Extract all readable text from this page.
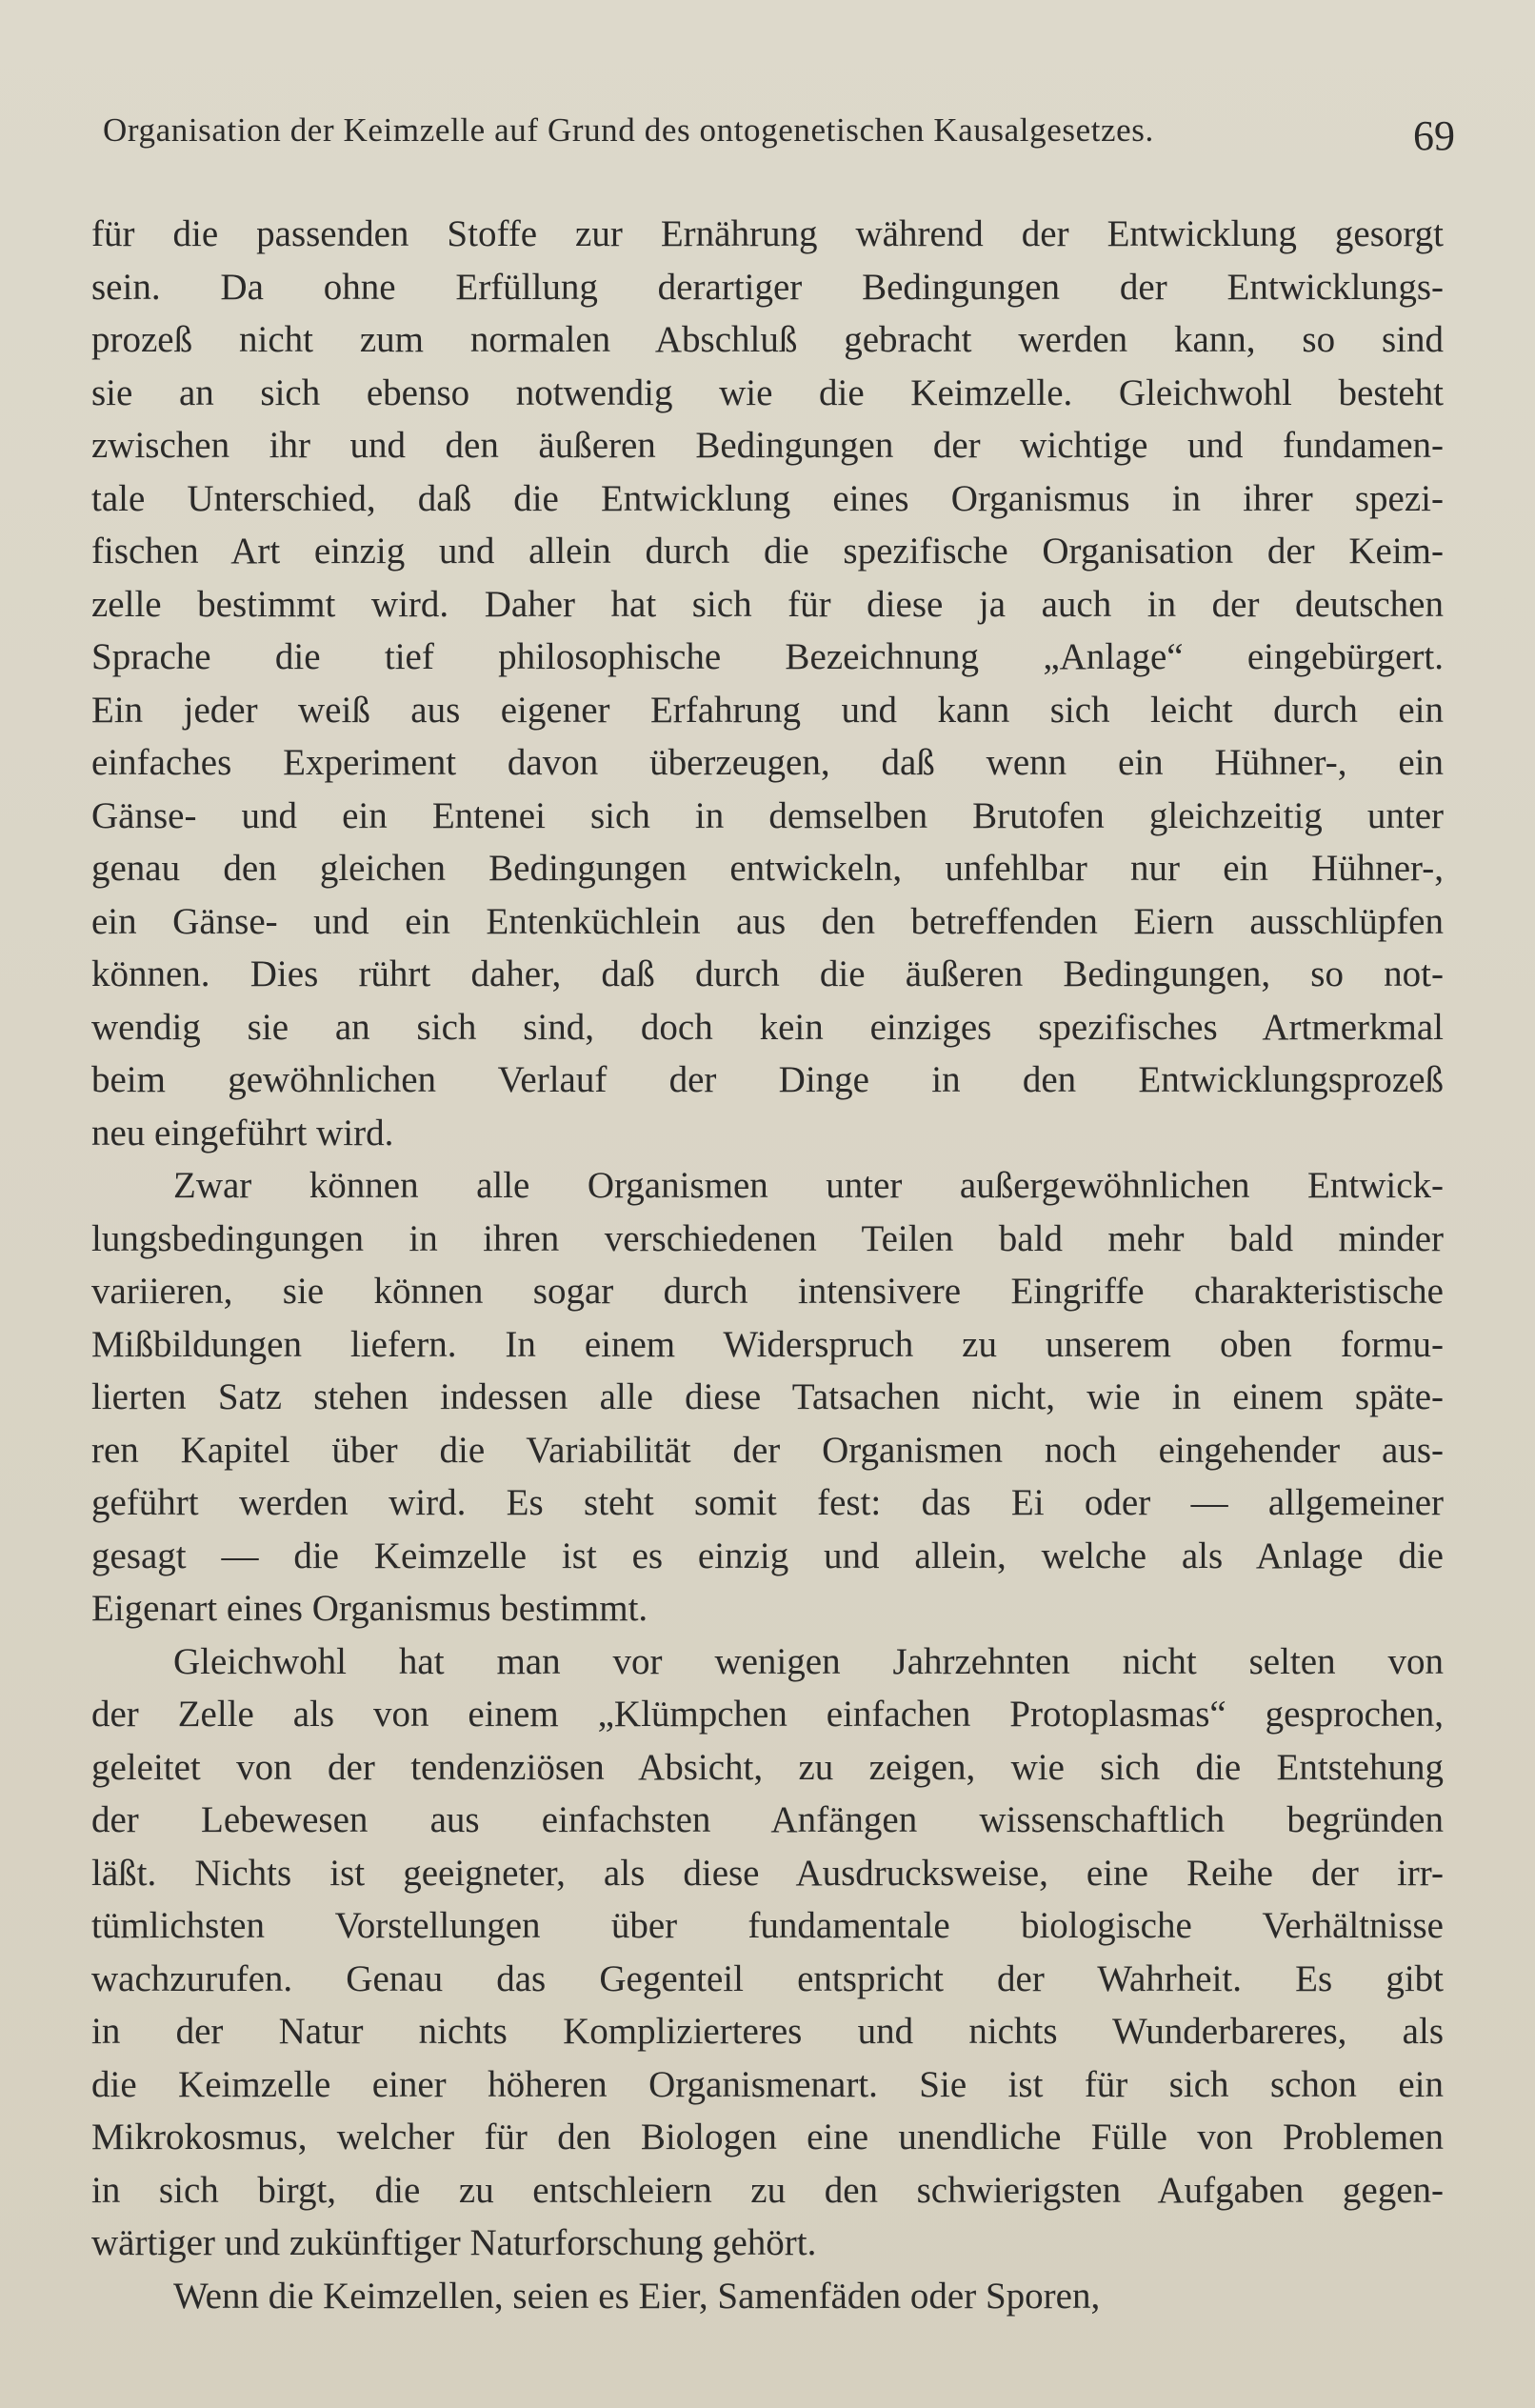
Organisation der Keimzelle auf Grund des ontogenetischen Kausalgesetzes.	69
für die passenden Stoffe zur Ernährung während der Entwicklung gesorgt
sein. Da ohne Erfüllung derartiger Bedingungen der Entwicklungs-
prozeß nicht zum normalen Abschluß gebracht werden kann, so sind
sie an sich ebenso notwendig wie die Keimzelle. Gleichwohl besteht
zwischen ihr und den äußeren Bedingungen der wichtige und fundamen-
tale Unterschied, daß die Entwicklung eines Organismus in ihrer spezi-
fischen Art einzig und allein durch die spezifische Organisation der Keim-
zelle bestimmt wird. Daher hat sich für diese ja auch in der deutschen
Sprache die tief philosophische Bezeichnung „Anlage“ eingebürgert.
Ein jeder weiß aus eigener Erfahrung und kann sich leicht durch ein
einfaches Experiment davon überzeugen, daß wenn ein Hühner-, ein
Gänse- und ein Entenei sich in demselben Brutofen gleichzeitig unter
genau den gleichen Bedingungen entwickeln, unfehlbar nur ein Hühner-,
ein Gänse- und ein Entenküchlein aus den betreffenden Eiern ausschlüpfen
können. Dies rührt daher, daß durch die äußeren Bedingungen, so not-
wendig sie an sich sind, doch kein einziges spezifisches Artmerkmal
beim gewöhnlichen Verlauf der Dinge in den Entwicklungsprozeß
neu eingeführt wird.
Zwar können alle Organismen unter außergewöhnlichen Entwick-
lungsbedingungen in ihren verschiedenen Teilen bald mehr bald minder
variieren, sie können sogar durch intensivere Eingriffe charakteristische
Mißbildungen liefern. In einem Widerspruch zu unserem oben formu-
lierten Satz stehen indessen alle diese Tatsachen nicht, wie in einem späte-
ren Kapitel über die Variabilität der Organismen noch eingehender aus-
geführt werden wird. Es steht somit fest: das Ei oder — allgemeiner
gesagt — die Keimzelle ist es einzig und allein, welche als Anlage die
Eigenart eines Organismus bestimmt.
Gleichwohl hat man vor wenigen Jahrzehnten nicht selten von
der Zelle als von einem „Klümpchen einfachen Protoplasmas“ gesprochen,
geleitet von der tendenziösen Absicht, zu zeigen, wie sich die Entstehung
der Lebewesen aus einfachsten Anfängen wissenschaftlich begründen
läßt. Nichts ist geeigneter, als diese Ausdrucksweise, eine Reihe der irr-
tümlichsten Vorstellungen über fundamentale biologische Verhältnisse
wachzurufen. Genau das Gegenteil entspricht der Wahrheit. Es gibt
in der Natur nichts Komplizierteres und nichts Wunderbareres, als
die Keimzelle einer höheren Organismenart. Sie ist für sich schon ein
Mikrokosmus, welcher für den Biologen eine unendliche Fülle von Problemen
in sich birgt, die zu entschleiern zu den schwierigsten Aufgaben gegen-
wärtiger und zukünftiger Naturforschung gehört.
Wenn die Keimzellen, seien es Eier, Samenfäden oder Sporen,
